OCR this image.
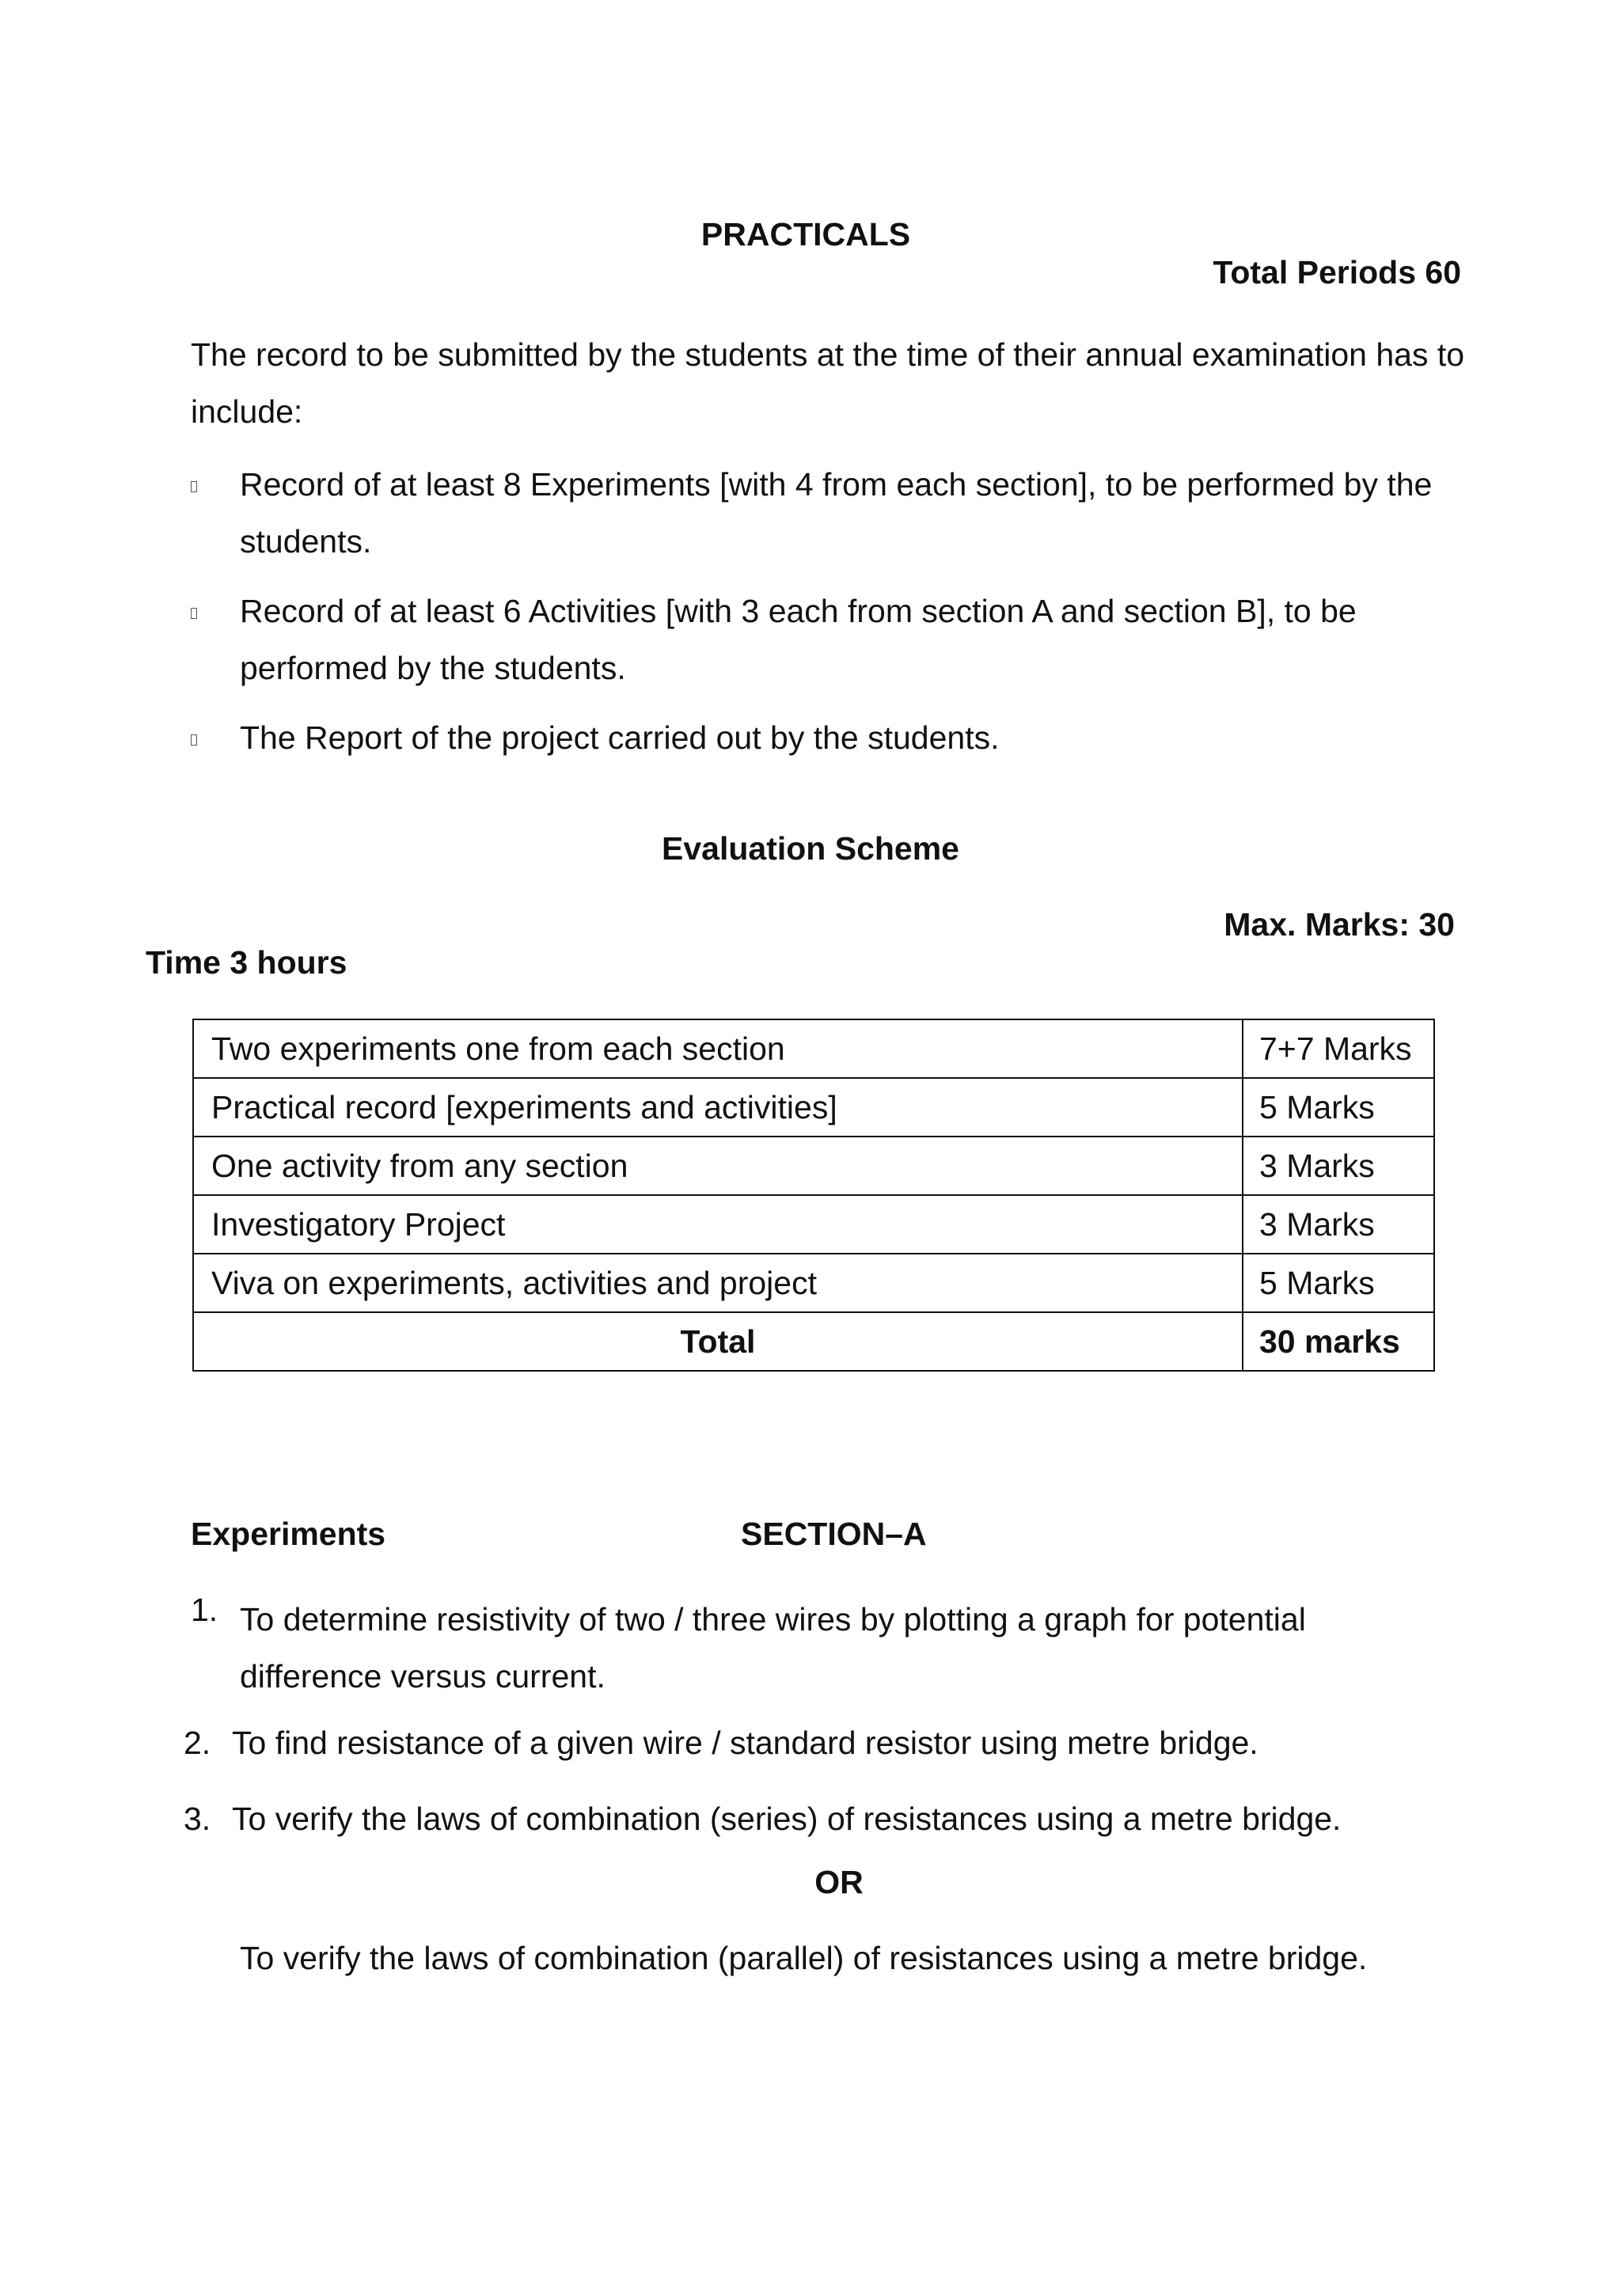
PRACTICALS
Total Periods 60
The record to be submitted by the students at the time of their annual examination has to include:
Record of at least 8 Experiments [with 4 from each section], to be performed by the students.
Record of at least 6 Activities [with 3 each from section A and section B], to be performed by the students.
The Report of the project carried out by the students.
Evaluation Scheme
Max. Marks: 30
Time 3 hours
Two experiments one from each section	7+7 Marks
Practical record [experiments and activities]	5 Marks
One activity from any section	3 Marks
Investigatory Project	3 Marks
Viva on experiments, activities and project	5 Marks
Total	30 marks
Experiments	SECTION–A
1. To determine resistivity of two / three wires by plotting a graph for potential difference versus current.
2. To find resistance of a given wire / standard resistor using metre bridge.
3. To verify the laws of combination (series) of resistances using a metre bridge.
OR
To verify the laws of combination (parallel) of resistances using a metre bridge.
